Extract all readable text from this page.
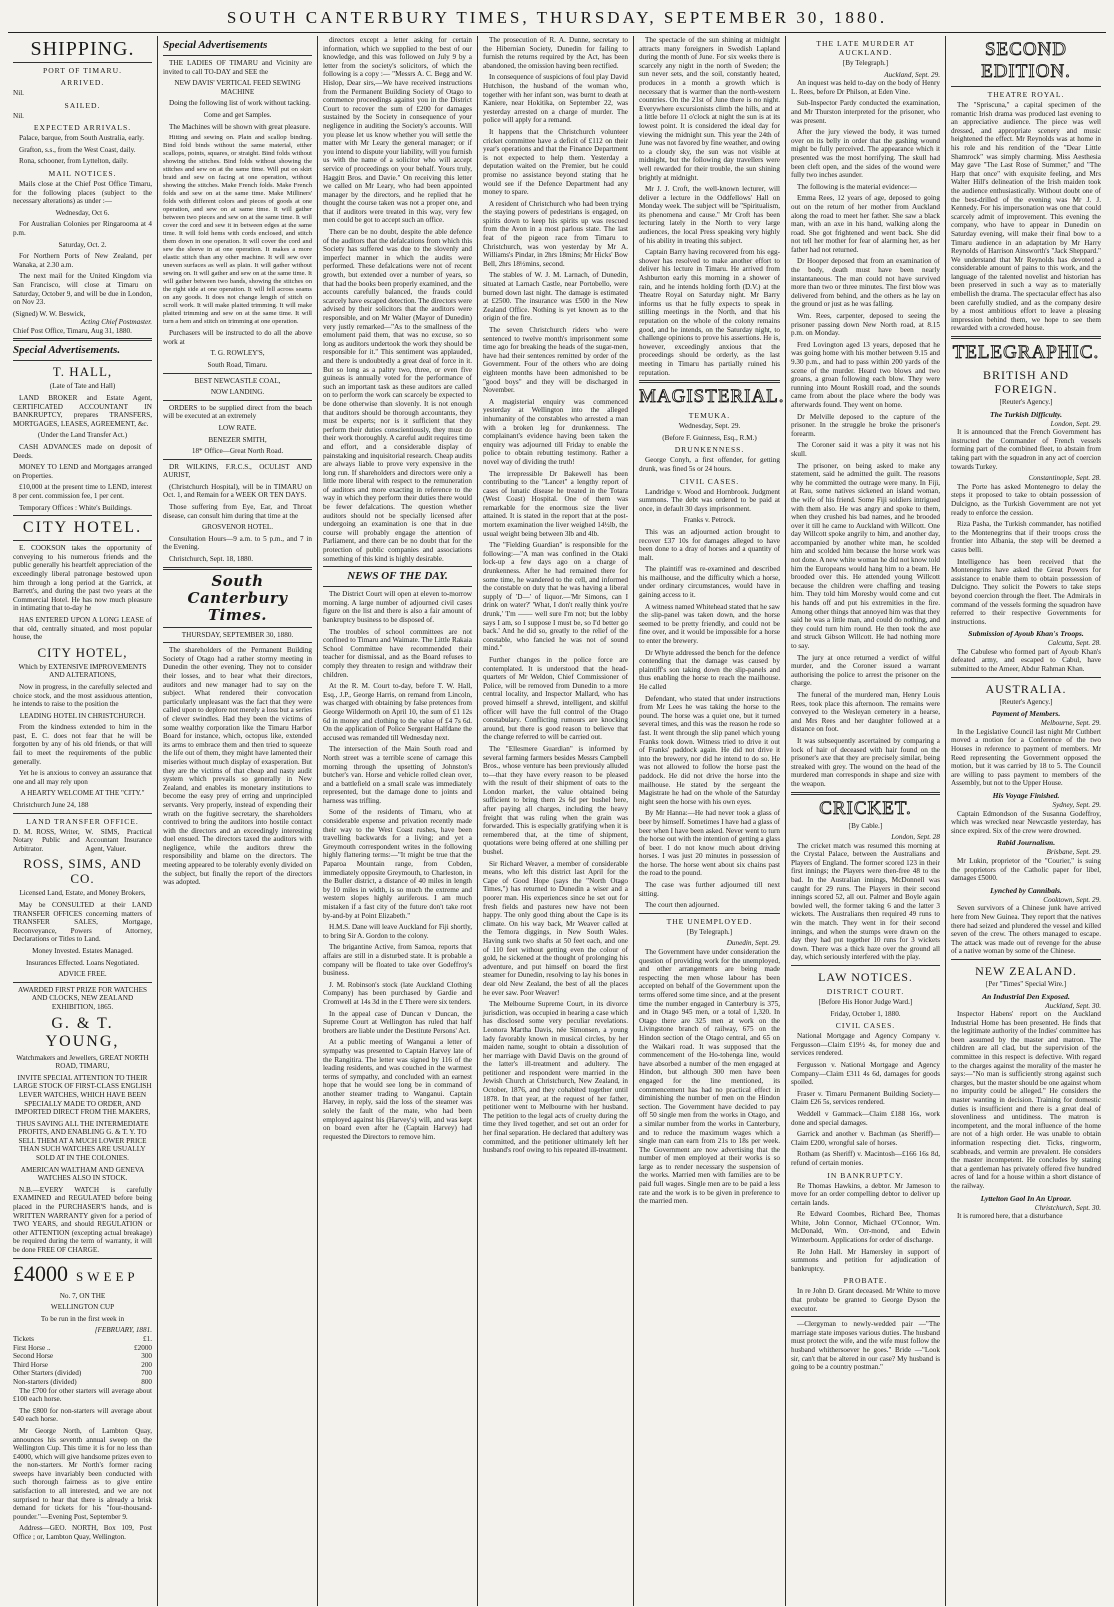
SOUTH CANTERBURY TIMES, THURSDAY, SEPTEMBER 30, 1880.
SHIPPING.
PORT OF TIMARU.
ARRIVED.

Nil.

SAILED.

Nil.

EXPECTED ARRIVALS.

Palace, barque, from South Australia, early.

Grafton, s.s., from the West Coast, daily.

Rona, schooner, from Lyttelton, daily.

MAIL NOTICES.

Mails close at the Chief Post Office Timaru, for the following places (subject to the necessary alterations) as under :—

Wednesday, Oct 6.

For Australian Colonies per Ringarooma at 4 p.m.

Saturday, Oct. 2.

For Northern Ports of New Zealand, per Wanaka, at 2.30 a.m.

The next mail for the United Kingdom via San Francisco, will close at Timaru on Saturday, October 9, and will be due in London, on Nov 23.

(Signed) W. W. Beswick,

Acting Chief Postmaster.

Chief Post Office, Timaru, Aug 31, 1880.

Special Advertisements.
T. HALL,

(Late of Tate and Hall)

LAND BROKER and Estate Agent, CERTIFICATED ACCOUNTANT IN BANKRUPTCY, prepares TRANSFERS, MORTGAGES, LEASES, AGREEMENT, &c.

(Under the Land Transfer Act.)

CASH ADVANCES made on deposit of Deeds.

MONEY TO LEND and Mortgages arranged on Properties.

£10,000 at the present time to LEND, interest 8 per cent. commission fee, 1 per cent.

Temporary Offices : White's Buildings.

CITY HOTEL.

E. COOKSON takes the opportunity of conveying to his numerous friends and the public generally his heartfelt appreciation of the exceedingly liberal patronage bestowed upon him through a long period at the Garrick, at Barrett's, and during the past two years at the Commercial Hotel. He has now much pleasure in intimating that to-day he

HAS ENTERED UPON A LONG LEASE of that old, centrally situated, and most popular house, the

CITY HOTEL,

Which by EXTENSIVE IMPROVEMENTS AND ALTERATIONS,

Now in progress, in the carefully selected and choice stock, and the most assiduous attention, he intends to raise to the position the

LEADING HOTEL IN CHRISTCHURCH.

From the kindness extended to him in the past, E. C. does not fear that he will be forgotten by any of his old friends, or that will fail to meet the requirements of the public generally.

Yet he is anxious to convey an assurance that one and all may rely upon

A HEARTY WELCOME AT THE "CITY."

Christchurch June 24, 188

LAND TRANSFER OFFICE.
D. M. ROSS, Writer, Notary Public and Arbitrator.
W. SIMS, Practical Accountant Insurance Agent, Valuer.
ROSS, SIMS, AND CO.

Licensed Land, Estate, and Money Brokers,

May be CONSULTED at their LAND TRANSFER OFFICES concerning matters of TRANSFER SALES, Mortgage, Reconveyance, Powers of Attorney, Declarations or Titles to Land.

Money Invested. Estates Managed.

Insurances Effected. Loans Negotiated.

ADVICE FREE.

AWARDED FIRST PRIZE FOR WATCHES AND CLOCKS, NEW ZEALAND EXHIBITION, 1865.

G. & T. YOUNG,

Watchmakers and Jewellers, GREAT NORTH ROAD, TIMARU,

INVITE SPECIAL ATTENTION TO THEIR LARGE STOCK OF FIRST-CLASS ENGLISH LEVER WATCHES, WHICH HAVE BEEN SPECIALLY MADE TO ORDER, AND IMPORTED DIRECT FROM THE MAKERS,

THUS SAVING ALL THE INTERMEDIATE PROFITS, AND ENABLING G. & T. Y. TO SELL THEM AT A MUCH LOWER PRICE THAN SUCH WATCHES ARE USUALLY SOLD AT IN THE COLONIES.

AMERICAN WALTHAM AND GENEVA WATCHES ALSO IN STOCK.

N.B.—EVERY WATCH is carefully EXAMINED and REGULATED before being placed in the PURCHASER'S hands, and is WRITTEN WARRANTY given for a period of TWO YEARS, and should REGULATION or other ATTENTION (excepting actual breakage) be required during the term of warranty, it will be done FREE OF CHARGE.

£4000 SWEEP

No. 7, ON THE

WELLINGTON CUP

To be run in the first week in

[FEBRUARY, 1881.

Tickets	£1.
First Horse ..	£2000
Second Horse	300
Third Horse	200
Other Starters (divided)	700
Non-starters (divided)	800

The £700 for other starters will average about £100 each horse.

The £800 for non-starters will average about £40 each horse.

Mr George North, of Lambton Quay, announces his seventh annual sweep on the Wellington Cup. This time it is for no less than £4000, which will give handsome prizes even to the non-starters. Mr North's former racing sweeps have invariably been conducted with such thorough fairness as to give entire satisfaction to all interested, and we are not surprised to hear that there is already a brisk demand for tickets for his "four-thousand-pounder."—Evening Post, September 9.

Address—GEO. NORTH, Box 109, Post Office ; or, Lambton Quay, Wellington.

Special Advertisements

THE LADIES OF TIMARU and Vicinity are invited to call TO-DAY and SEE the

NEW DAVIS' VERTICAL FEED SEWING MACHINE

Doing the following list of work without tacking.

Come and get Samples.

The Machines will be shown with great pleasure.

Hitting and sewing on. Plain and scallop binding. Bind fold binds without the same material, either scallops, points, squares, or straight. Bind folds without showing the stitches. Bind folds without showing the stitches and sew on at the same time. Will put on skirt braid and sew on facing at one operation, without showing the stitches. Make French folds. Make French folds and sew on at the same time. Make Milliners' folds with different colors and pieces of goods at one operation, and sew on at same time. It will gather between two pieces and sew on at the same time. It will cover the cord and sew it in between edges at the same time. It will fold hems with cords enclosed, and stitch them down in one operation. It will cover the cord and sew the sleeve in at one operation. It makes a more elastic stitch than any other machine. It will sew over uneven surfaces as well as plain. It will gather without sewing on. It will gather and sew on at the same time. It will gather between two bands, showing the stitches on the right side at one operation. It will fell across seams on any goods. It does not change length of stitch on scroll work. It will make plaited trimming. It will make plaited trimming and sew on at the same time. It will turn a hem and stitch on trimming at one operation.

Purchasers will be instructed to do all the above work at

T. G. ROWLEY'S,

South Road, Timaru.

BEST NEWCASTLE COAL,

NOW LANDING.

ORDERS to be supplied direct from the beach will be executed at an extremely

LOW RATE.

BENEZER SMITH,

18* Office—Great North Road.

DR WILKINS, F.R.C.S., OCULIST AND AURIST,

(Christchurch Hospital), will be in TIMARU on Oct. 1, and Remain for a WEEK OR TEN DAYS.

Those suffering from Eye, Ear, and Throat disease, can consult him during that time at the

GROSVENOR HOTEL.

Consultation Hours—9 a.m. to 5 p.m., and 7 in the Evening.

Christchurch, Sept. 18, 1880.

South Canterbury Times.

THURSDAY, SEPTEMBER 30, 1880.

The shareholders of the Permanent Building Society of Otago had a rather stormy meeting in Dunedin the other evening. They not to consider their losses, and to hear what their directors, auditors and new manager had to say on the subject. What rendered their convocation particularly unpleasant was the fact that they were called upon to deplore not merely a loss but a series of clever swindles. Had they been the victims of some wealthy corporation like the Timaru Harbor Board for instance, which, octopus like, extended its arms to embrace them and then tried to squeeze the life out of them, they might have lamented their miseries without much display of exasperation. But they are the victims of that cheap and nasty audit system which prevails so generally in New Zealand, and enables its monetary institutions to become the easy prey of erring and unprincipled servants. Very properly, instead of expending their wrath on the fugitive secretary, the shareholders contrived to bring the auditors into hostile contact with the directors and an exceedingly interesting duel ensued. The directors taxed the auditors with negligence, while the auditors threw the responsibility and blame on the directors. The meeting appeared to be tolerably evenly divided on the subject, but finally the report of the directors was adopted.

directors except a letter asking for certain information, which we supplied to the best of our knowledge, and this was followed on July 9 by a letter from the society's solicitors, of which the following is a copy :— "Messrs A. C. Begg and W. Hislop, Dear sirs,—We have received instructions from the Permanent Building Society of Otago to commence proceedings against you in the District Court to recover the sum of £200 for damages sustained by the Society in consequence of your negligence in auditing the Society's accounts. Will you please let us know whether you will settle the matter with Mr Leary the general manager; or if you intend to dispute your liability, will you furnish us with the name of a solicitor who will accept service of proceedings on your behalf. Yours truly, Haggitt Bros. and Davie." On receiving this letter we called on Mr Leary, who had been appointed manager by the directors, and he replied that he thought the course taken was not a proper one, and that if auditors were treated in this way, very few men could be got to accept such an office.

There can be no doubt, despite the able defence of the auditors that the defalcations from which this Society has suffered was due to the slovenly and imperfect manner in which the audits were performed. These defalcations were not of recent growth, but extended over a number of years, so that had the books been properly examined, and the accounts carefully balanced, the frauds could scarcely have escaped detection. The directors were advised by their solicitors that the auditors were responsible, and on Mr Walter (Mayor of Dunedin) very justly remarked—"As to the smallness of the emolument paid them, that was no excuse, so so long as auditors undertook the work they should be responsible for it." This sentiment was applauded, and there is undoubtedly a great deal of force in it. But so long as a paltry two, three, or even five guineas is annually voted for the performance of such an important task as these auditors are called on to perform the work can scarcely be expected to be done otherwise than slovenly. It is not enough that auditors should be thorough accountants, they must be experts; nor is it sufficient that they perform their duties conscientiously, they must do their work thoroughly. A careful audit requires time and effort, and a considerable display of painstaking and inquisitorial research. Cheap audits are always liable to prove very expensive in the long run. If shareholders and directors were only a little more liberal with respect to the remuneration of auditors and more exacting in reference to the way in which they perform their duties there would be fewer defalcations. The question whether auditors should not be specially licensed after undergoing an examination is one that in due course will probably engage the attention of Parliament, and there can be no doubt that for the protection of public companies and associations something of this kind is highly desirable.

NEWS OF THE DAY.

The District Court will open at eleven to-morrow morning. A large number of adjourned civil cases figure on the list and there is also a fair amount of bankruptcy business to be disposed of.

The troubles of school committees are not confined to Timaru and Waimate. The Little Rakaia School Committee have recommended their teacher for dismissal, and as the Board refuses to comply they threaten to resign and withdraw their children.

At the R. M. Court to-day, before T. W. Hall, Esq., J.P., George Harris, on remand from Lincoln, was charged with obtaining by false pretences from George Wildermoth on April 10, the sum of £1 12s 6d in money and clothing to the value of £4 7s 6d. On the application of Police Sergeant Halfdane the accused was remanded till Wednesday next.

The intersection of the Main South road and North street was a terrible scene of carnage this morning through the upsetting of Johnston's butcher's van. Horse and vehicle rolled clean over, and a battlefield on a small scale was immediately represented, but the damage done to joints and harness was trifling.

Some of the residents of Timaru, who at considerable expense and privation recently made their way to the West Coast rushes, have been travelling backwards for a living; and yet a Greymouth correspondent writes in the following highly flattering terms:—"It might be true that the Paparoa Mountain range, from Cobden, immediately opposite Greymouth, to Charleston, in the Buller district, a distance of 40 miles in length by 10 miles in width, is so much the extreme and western slopes highly auriferous. I am much mistaken if a fast city of the future don't take root by-and-by at Point Elizabeth."

H.M.S. Dane will leave Auckland for Fiji shortly, to bring Sir A. Gordon to the colony.

The brigantine Active, from Samoa, reports that affairs are still in a disturbed state. It is probable a company will be floated to take over Godeffroy's business.

J. M. Robinson's stock (late Auckland Clothing Company) has been purchased by Gardie and Cromwell at 14s 3d in the £ There were six tenders.

In the appeal case of Duncan v Duncan, the Supreme Court at Wellington has ruled that half brothers are liable under the Destitute Persons' Act.

At a public meeting of Wanganui a letter of sympathy was presented to Captain Harvey late of the Rangitira. The letter was signed by 116 of the leading residents, and was couched in the warmest terms of sympathy, and concluded with an earnest hope that he would see long be in command of another steamer trading to Wanganui. Captain Harvey, in reply, said the loss of the steamer was solely the fault of the mate, who had been employed against his (Harvey's) will, and was kept on board even after he (Captain Harvey) had requested the Directors to remove him.

The prosecution of R. A. Dunne, secretary to the Hibernian Society, Dunedin for failing to furnish the returns required by the Act, has been abandoned, the omission having been rectified.

In consequence of suspicions of foul play David Hutchison, the husband of the woman who, together with her infant son, was burnt to death at Kaniere, near Hokitika, on September 22, was yesterday arrested on a charge of murder. The police will apply for a remand.

It happens that the Christchurch volunteer cricket committee have a deficit of £112 on their year's operations and that the Finance Department is not expected to help them. Yesterday a deputation waited on the Premier, but he could promise no assistance beyond stating that he would see if the Defence Department had any money to spare.

A resident of Christchurch who had been trying the staying powers of pedestrians is engaged, on spirits down to keep his spirits up was rescued from the Avon in a most parlous state. The last feat of the pigeon race from Timaru to Christchurch, was won yesterday by Mr A. Williams's Pindar, in 2hrs 18mins; Mr Hicks' Bow Bell, 2hrs 18½mins, second.

The stables of W. J. M. Larnach, of Dunedin, situated at Larnach Castle, near Portobello, were burned down last night. The damage is estimated at £2500. The insurance was £500 in the New Zealand Office. Nothing is yet known as to the origin of the fire.

The seven Christchurch riders who were sentenced to twelve month's imprisonment some time ago for breaking the heads of the sugar-men, have had their sentences remitted by order of the Government. Four of the others who are doing eighteen months have been admonished to be "good boys" and they will be discharged in November.

A magisterial enquiry was commenced yesterday at Wellington into the alleged inhumanity of the constables who arrested a man with a broken leg for drunkenness. The complainant's evidence having been taken the enquiry was adjourned till Friday to enable the police to obtain rebutting testimony. Rather a novel way of dividing the truth!

The irrepressible Dr Bakewell has been contributing to the "Lancet" a lengthy report of cases of lunatic disease he treated in the Totara (West Coast) Hospital. One of them was remarkable for the enormous size the liver attained. It is stated in the report that at the post-mortem examination the liver weighed 14½lb, the usual weight being between 3lb and 4lb.

The "Fielding Guardian" is responsible for the following:—"A man was confined in the Otaki lock-up a few days ago on a charge of drunkenness. After he had remained there for some time, he wandered to the cell, and informed the constable on duty that he was having a liberal supply of 'D—' of liquor.—'Mr Simons, can I drink on water?' 'What, I don't really think you're drunk,' 'I'm —— well sure I'm not; but the lobby says I am, so I suppose I must be, so I'd better go back.' And he did so, greatly to the relief of the constable, who fancied he was not of sound mind."

Further changes in the police force are contemplated. It is understood that the head-quarters of Mr Weldon, Chief Commissioner of Police, will be removed from Dunedin to a more central locality, and Inspector Mallard, who has proved himself a shrewd, intelligent, and skilful officer will have the full control of the Otago constabulary. Conflicting rumours are knocking around, but there is good reason to believe that the change referred to will be carried out.

The "Ellesmere Guardian" is informed by several farming farmers besides Messrs Campbell Bros., whose venture has been previously alluded to—that they have every reason to be pleased with the result of their shipment of oats to the London market, the value obtained being sufficient to bring them 2s 6d per bushel here, after paying all charges, including the heavy freight that was ruling when the grain was forwarded. This is especially gratifying when it is remembered that, at the time of shipment, quotations were being offered at one shilling per bushel.

Sir Richard Weaver, a member of considerable means, who left this district last April for the Cape of Good Hope (says the "North Otago Times,") has returned to Dunedin a wiser and a poorer man. His experiences since he set out for fresh fields and pastures new have not been happy. The only good thing about the Cape is its climate. On his way back, Mr Weaver called at the Temora diggings, in New South Wales. Having sunk two shafts at 50 feet each, and one of 110 feet without getting even the colour of gold, he sickened at the thought of prolonging his adventure, and put himself on board the first steamer for Dunedin, resolving to lay his bones in dear old New Zealand, the best of all the places he ever saw. Poor Weaver!

The Melbourne Supreme Court, in its divorce jurisdiction, was occupied in hearing a case which has disclosed some very peculiar revelations. Leonora Martha Davis, née Simonsen, a young lady favorably known in musical circles, by her maiden name, sought to obtain a dissolution of her marriage with David Davis on the ground of the latter's ill-treatment and adultery. The petitioner and respondent were married in the Jewish Church at Christchurch, New Zealand, in October, 1876, and they cohabited together until 1878. In that year, at the request of her father, petitioner went to Melbourne with her husband. The petition to the legal acts of cruelty during the time they lived together, and set out an order for her final separation. He declared that adultery was committed, and the petitioner ultimately left her husband's roof owing to his repeated ill-treatment.

The spectacle of the sun shining at midnight attracts many foreigners in Swedish Lapland during the month of June. For six weeks there is scarcely any night in the north of Sweden; the sun never sets, and the soil, constantly heated, produces in a month a growth which is necessary that is warmer than the north-western countries. On the 21st of June there is no night. Everywhere excursionists climb the hills, and at a little before 11 o'clock at night the sun is at its lowest point. It is considered the ideal day for viewing the midnight sun. This year the 24th of June was not favored by fine weather, and owing to a cloudy sky, the sun was not visible at midnight, but the following day travellers were well rewarded for their trouble, the sun shining brightly at midnight.

Mr J. J. Croft, the well-known lecturer, will deliver a lecture in the Oddfellows' Hall on Monday week. The subject will be "Spiritualism, its phenomena and cause." Mr Croft has been lecturing lately in the North to very large audiences, the local Press speaking very highly of his ability in treating this subject.

Captain Barry having recovered from his egg-shower has resolved to make another effort to deliver his lecture in Timaru. He arrived from Ashburton early this morning in a shower of rain, and he intends holding forth (D.V.) at the Theatre Royal on Saturday night. Mr Barry informs us that he fully expects to speak in stilling meetings in the North, and that his reputation on the whole of the colony remains good, and he intends, on the Saturday night, to challenge opinions to prove his assertions. He is, however, exceedingly anxious that the proceedings should be orderly, as the last meeting in Timaru has partially ruined his reputation.

MAGISTERIAL.
TEMUKA.

Wednesday, Sept. 29.

(Before F. Guinness, Esq., R.M.)

DRUNKENNESS.

George Conyh, a first offender, for getting drunk, was fined 5s or 24 hours.

CIVIL CASES.

Landridge v. Wood and Hornbrook. Judgment summons. The debt was ordered to be paid at once, in default 30 days imprisonment.

Franks v. Petrock.

This was an adjourned action brought to recover £37 10s for damages alleged to have been done to a dray of horses and a quantity of malt.

The plaintiff was re-examined and described his mailhouse, and the difficulty which a horse, under ordinary circumstances, would have in gaining access to it.

A witness named Whitehead stated that he saw the slip-panel was taken down, and the horse seemed to be pretty friendly, and could not be fine over, and it would be impossible for a horse to enter the brewery.

Dr Whyte addressed the bench for the defence contending that the damage was caused by plaintiff's son taking down the slip-panels and thus enabling the horse to reach the mailhouse. He called

Defendant, who stated that under instructions from Mr Lees he was taking the horse to the pound. The horse was a quiet one, but it turned several times, and this was the reason he rode so fast. It went through the slip panel which young Franks took down. Witness tried to drive it out of Franks' paddock again. He did not drive it into the brewery, nor did he intend to do so. He was not allowed to follow the horse past the paddock. He did not drive the horse into the mailhouse. He stated by the sergeant the Magistrate he had on the whole of the Saturday night seen the horse with his own eyes.

By Mr Hanna:—He had never took a glass of beer by himself. Sometimes I have had a glass of beer when I have been asked. Never went to turn the horse out with the intention of getting a glass of beer. I do not know much about driving horses. I was just 20 minutes in possession of the horse. The horse went about six chains past the road to the pound.

The case was further adjourned till next sitting.

The court then adjourned.

THE UNEMPLOYED.

[By Telegraph.]

Dunedin, Sept. 29.

The Government have under consideration the question of providing work for the unemployed, and other arrangements are being made respecting the men whose labour has been accepted on behalf of the Government upon the terms offered some time since, and at the present time the number engaged in Canterbury is 375, and in Otago 945 men, or a total of 1,320. In Otago there are 325 men at work on the Livingstone branch of railway, 675 on the Hindon section of the Otago central, and 65 on the Waikari road. It was supposed that the commencement of the Ho-tohenga line, would have absorbed a number of the men engaged at Hindon, but although 300 men have been engaged for the line mentioned, its commencement has had no practical effect in diminishing the number of men on the Hindon section. The Government have decided to pay off 50 single men from the works in Otago, and a similar number from the works in Canterbury, and to reduce the maximum wages which a single man can earn from 21s to 18s per week. The Government are now advertising that the number of men employed at their works is so large as to render necessary the suspension of the works. Married men with families are to be paid full wages. Single men are to be paid a less rate and the work is to be given in preference to the married men.

THE LATE MURDER AT AUCKLAND.

[By Telegraph.]

Auckland, Sept. 29.

An inquest was held to-day on the body of Henry L. Rees, before Dr Philson, at Eden Vine.

Sub-Inspector Pardy conducted the examination, and Mr Thurston interpreted for the prisoner, who was present.

After the jury viewed the body, it was turned over on its belly in order that the gashing wound might be fully perceived. The appearance which it presented was the most horrifying. The skull had been cleft open, and the sides of the wound were fully two inches asunder.

The following is the material evidence:—

Emma Rees, 12 years of age, deposed to going out on the return of her mother from Auckland along the road to meet her father. She saw a black man, with an axe in his hand, walking along the road. She got frightened and went back. She did not tell her mother for fear of alarming her, as her father had not returned.

Dr Hooper deposed that from an examination of the body, death must have been nearly instantaneous. The man could not have survived more than two or three minutes. The first blow was delivered from behind, and the others as he lay on the ground or just as he was falling.

Wm. Rees, carpenter, deposed to seeing the prisoner passing down New North road, at 8.15 p.m. on Monday.

Fred Lovington aged 13 years, deposed that he was going home with his mother between 9.15 and 9.30 p.m., and had to pass within 200 yards of the scene of the murder. Heard two blows and two groans, a groan following each blow. They were running into Mount Roskill road, and the sounds came from about the place where the body was afterwards found. They went on home.

Dr Melville deposed to the capture of the prisoner. In the struggle he broke the prisoner's forearm.

The Coroner said it was a pity it was not his skull.

The prisoner, on being asked to make any statement, said he admitted the guilt. The reasons why he committed the outrage were many. In Fiji, at Rau, some natives sickened an island woman, the wife of his friend. Some Fiji soldiers intrigued with them also. He was angry and spoke to them, when they crushed his bad names, and he brooded over it till he came to Auckland with Willcott. One day Willcott spoke angrily to him, and another day, accompanied by another white man, he scolded him and scolded him because the horse work was not done. A new white woman he did not know told him the Europeans would hang him to a beam. He brooded over this. He attended young Willcott because the children were chaffing and teasing him. They told him Moresby would come and cut his hands off and put his extremities in the fire. Among other things that annoyed him was that they said he was a little man, and could do nothing, and they could turn him round. He then took the axe and struck Gibson Willcott. He had nothing more to say.

The jury at once returned a verdict of wilful murder, and the Coroner issued a warrant authorising the police to arrest the prisoner on the charge.

The funeral of the murdered man, Henry Louis Rees, took place this afternoon. The remains were conveyed to the Wesleyan cemetery in a hearse, and Mrs Rees and her daughter followed at a distance on foot.

It was subsequently ascertained by comparing a lock of hair of deceased with hair found on the prisoner's axe that they are precisely similar, being streaked with grey. The wound on the head of the murdered man corresponds in shape and size with the weapon.

CRICKET.

[By Cable.]

London, Sept. 28

The cricket match was resumed this morning at the Crystal Palace, between the Australians and Players of England. The former scored 123 in their first innings; the Players were then-free 48 to the bad. In the Australian innings, McDonnell was caught for 29 runs. The Players in their second innings scored 52, all out. Palmer and Boyle again bowled well, the former taking 6 and the latter 3 wickets. The Australians then required 49 runs to win the match. They went in for their second innings, and when the stumps were drawn on the day they had put together 10 runs for 3 wickets down. There was a thick haze over the ground all day, which seriously interfered with the play.

LAW NOTICES.
DISTRICT COURT.

[Before His Honor Judge Ward.]

Friday, October 1, 1880.

CIVIL CASES.

National Mortgage and Agency Company v. Fergusson—Claim £19½ 4s, for money due and services rendered.

Fergusson v. National Mortgage and Agency Company—Claim £311 4s 6d, damages for goods spoiled.

Fraser v. Timaru Permanent Building Society—Claim £26 5s, services rendered.

Weddell v Gammack—Claim £188 16s, work done and special damages.

Garrick and another v. Bachman (as Sheriff)—Claim £200, wrongful sale of horses.

Rotham (as Sheriff) v. Macintosh—£166 16s 8d, refund of certain monies.

IN BANKRUPTCY.

Re Thomas Hawkins, a debtor. Mr Jameson to move for an order compelling debtor to deliver up certain lands.

Re Edward Coombes, Richard Bee, Thomas White, John Connor, Michael O'Connor, Wm. McDonald, Wm. Orr-mond, and Edwin Winterbourn. Applications for order of discharge.

Re John Hall. Mr Hamersley in support of summons and petition for adjudication of bankruptcy.

PROBATE.

In re John D. Grant deceased. Mr White to move that probate be granted to George Dyson the executor.

—Clergyman to newly-wedded pair —"The marriage state imposes various duties. The husband must protect the wife, and the wife must follow the husband whithersoever he goes." Bride —"Look sir, can't that be altered in our case? My husband is going to be a country postman."

SECOND EDITION.
THEATRE ROYAL.

The "Spriscuna," a capital specimen of the romantic Irish drama was produced last evening to an appreciative audience. The piece was well dressed, and appropriate scenery and music heightened the effect. Mr Reynolds was at home in his role and his rendition of the "Dear Little Shamrock" was simply charming. Miss Aesthesia May gave "The Last Rose of Summer," and "The Harp that once" with exquisite feeling, and Mrs Walter Hill's delineation of the Irish maiden took the audience enthusiastically. Without doubt one of the best-drilled of the evening was Mr J. J. Kennedy. For his impersonation was one that could scarcely admit of improvement. This evening the company, who have to appear in Dunedin on Saturday evening, will make their final bow to a Timaru audience in an adaptation by Mr Harry Reynolds of Harrison Ainsworth's "Jack Sheppard." We understand that Mr Reynolds has devoted a considerable amount of pains to this work, and the language of the talented novelist and historian has been preserved in such a way as to materially embellish the drama. The spectacular effect has also been carefully studied, and as the company desire by a most ambitious effort to leave a pleasing impression behind them, we hope to see them rewarded with a crowded house.

TELEGRAPHIC.
BRITISH AND FOREIGN.

[Reuter's Agency.]

The Turkish Difficulty.

London, Sept. 29.

It is announced that the French Government has instructed the Commander of French vessels forming part of the combined fleet, to abstain from taking part with the squadron in any act of coercion towards Turkey.

Constantinople, Sept. 28.

The Porte has asked Montenegro to delay the steps it proposed to take to obtain possession of Dulcigno, as the Turkish Government are not yet ready to enforce the cession.

Riza Pasha, the Turkish commander, has notified to the Montenegrins that if their troops cross the frontier into Albania, the step will be deemed a casus belli.

Intelligence has been received that the Montenegrins have asked the Great Powers for assistance to enable them to obtain possession of Dulcigno. They solicit the Powers to take steps beyond coercion through the fleet. The Admirals in command of the vessels forming the squadron have referred to their respective Governments for instructions.

Submission of Ayoub Khan's Troops.

Calcutta, Sept. 28.

The Cabulese who formed part of Ayoub Khan's defeated army, and escaped to Cabul, have submitted to the Ameer, Abdur Rahman Khan.

AUSTRALIA.

[Reuter's Agency.]

Payment of Members.

Melbourne, Sept. 29.

In the Legislative Council last night Mr Cuthbert moved a motion for a Conference of the two Houses in reference to payment of members. Mr Reed representing the Government opposed the motion, but it was carried by 18 to 5. The Council are willing to pass payment to members of the Assembly, but not to the Upper House.

His Voyage Finished.

Sydney, Sept. 29.

Captain Edmondson of the Susanna Godeffroy, which was wrecked near Newcastle yesterday, has since expired. Six of the crew were drowned.

Rabid Journalism.

Brisbane, Sept. 29.

Mr Lukin, proprietor of the "Courier," is suing the proprietors of the Catholic paper for libel, damages £5000.

Lynched by Cannibals.

Cooktown, Sept. 29.

Seven survivors of a Chinese junk have arrived here from New Guinea. They report that the natives there had seized and plundered the vessel and killed seven of the crew. The others managed to escape. The attack was made out of revenge for the abuse of a native woman by some of the Chinese.

NEW ZEALAND.

[Per "Times" Special Wire.]

An Industrial Den Exposed.

Auckland, Sept. 30.

Inspector Habens' report on the Auckland Industrial Home has been presented. He finds that the legitimate authority of the Indies' committee has been assumed by the master and matron. The children are all clad, but the supervision of the committee in this respect is defective. With regard to the charges against the morality of the master he says:—"No man is sufficiently strong against such charges, but the master should be one against whom no impurity could be alleged." He considers the master wanting in decision. Training for domestic duties is insufficient and there is a great deal of slovenliness and untidiness. The matron is incompetent, and the moral influence of the home are not of a high order. He was unable to obtain information respecting diet. Ticks, ringworm, scabheads, and vermin are prevalent. He considers the master incompetent. He concludes by stating that a gentleman has privately offered five hundred acres of land for a house within a short distance of the railway.

Lyttelton Gaol In An Uproar.

Christchurch, Sept. 30.

It is rumored here, that a disturbance
